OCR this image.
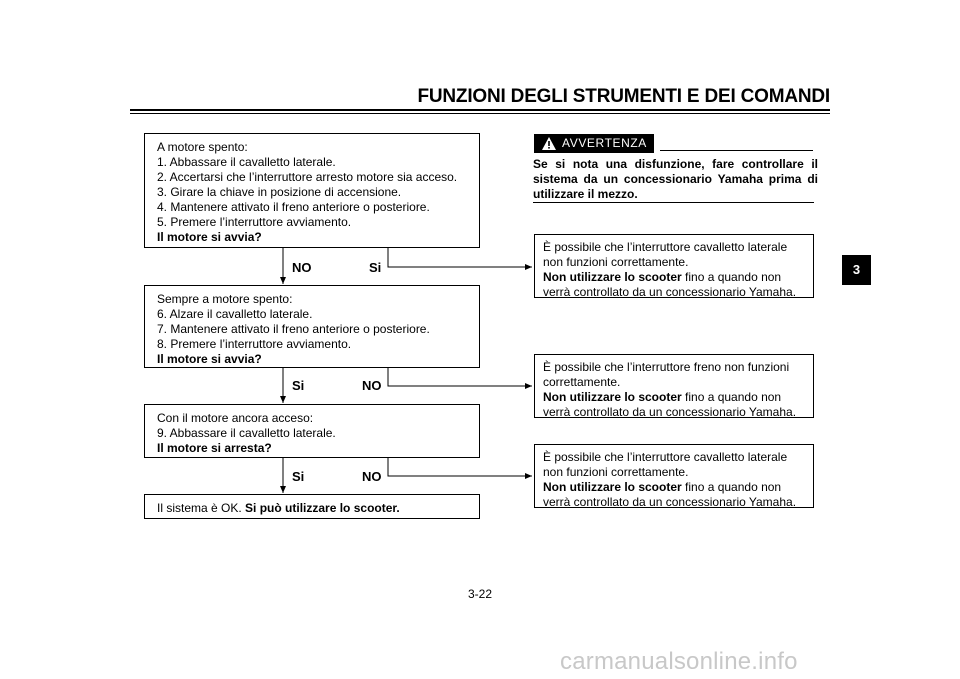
FUNZIONI DEGLI STRUMENTI E DEI COMANDI
A motore spento:
1. Abbassare il cavalletto laterale.
2. Accertarsi che l’interruttore arresto motore sia acceso.
3. Girare la chiave in posizione di accensione.
4. Mantenere attivato il freno anteriore o posteriore.
5. Premere l’interruttore avviamento.
Il motore si avvia?
NO	Si
Sempre a motore spento:
6. Alzare il cavalletto laterale.
7. Mantenere attivato il freno anteriore o posteriore.
8. Premere l’interruttore avviamento.
Il motore si avvia?
Si	NO
Con il motore ancora acceso:
9. Abbassare il cavalletto laterale.
Il motore si arresta?
Si	NO
Il sistema è OK. Si può utilizzare lo scooter.
AVVERTENZA
Se si nota una disfunzione, fare controllare il sistema da un concessionario Yamaha prima di utilizzare il mezzo.
È possibile che l’interruttore cavalletto laterale
non funzioni correttamente.
Non utilizzare lo scooter fino a quando non
verrà controllato da un concessionario Yamaha.
È possibile che l’interruttore freno non funzioni
correttamente.
Non utilizzare lo scooter fino a quando non
verrà controllato da un concessionario Yamaha.
È possibile che l’interruttore cavalletto laterale
non funzioni correttamente.
Non utilizzare lo scooter fino a quando non
verrà controllato da un concessionario Yamaha.
3
3-22
carmanualsonline.info
